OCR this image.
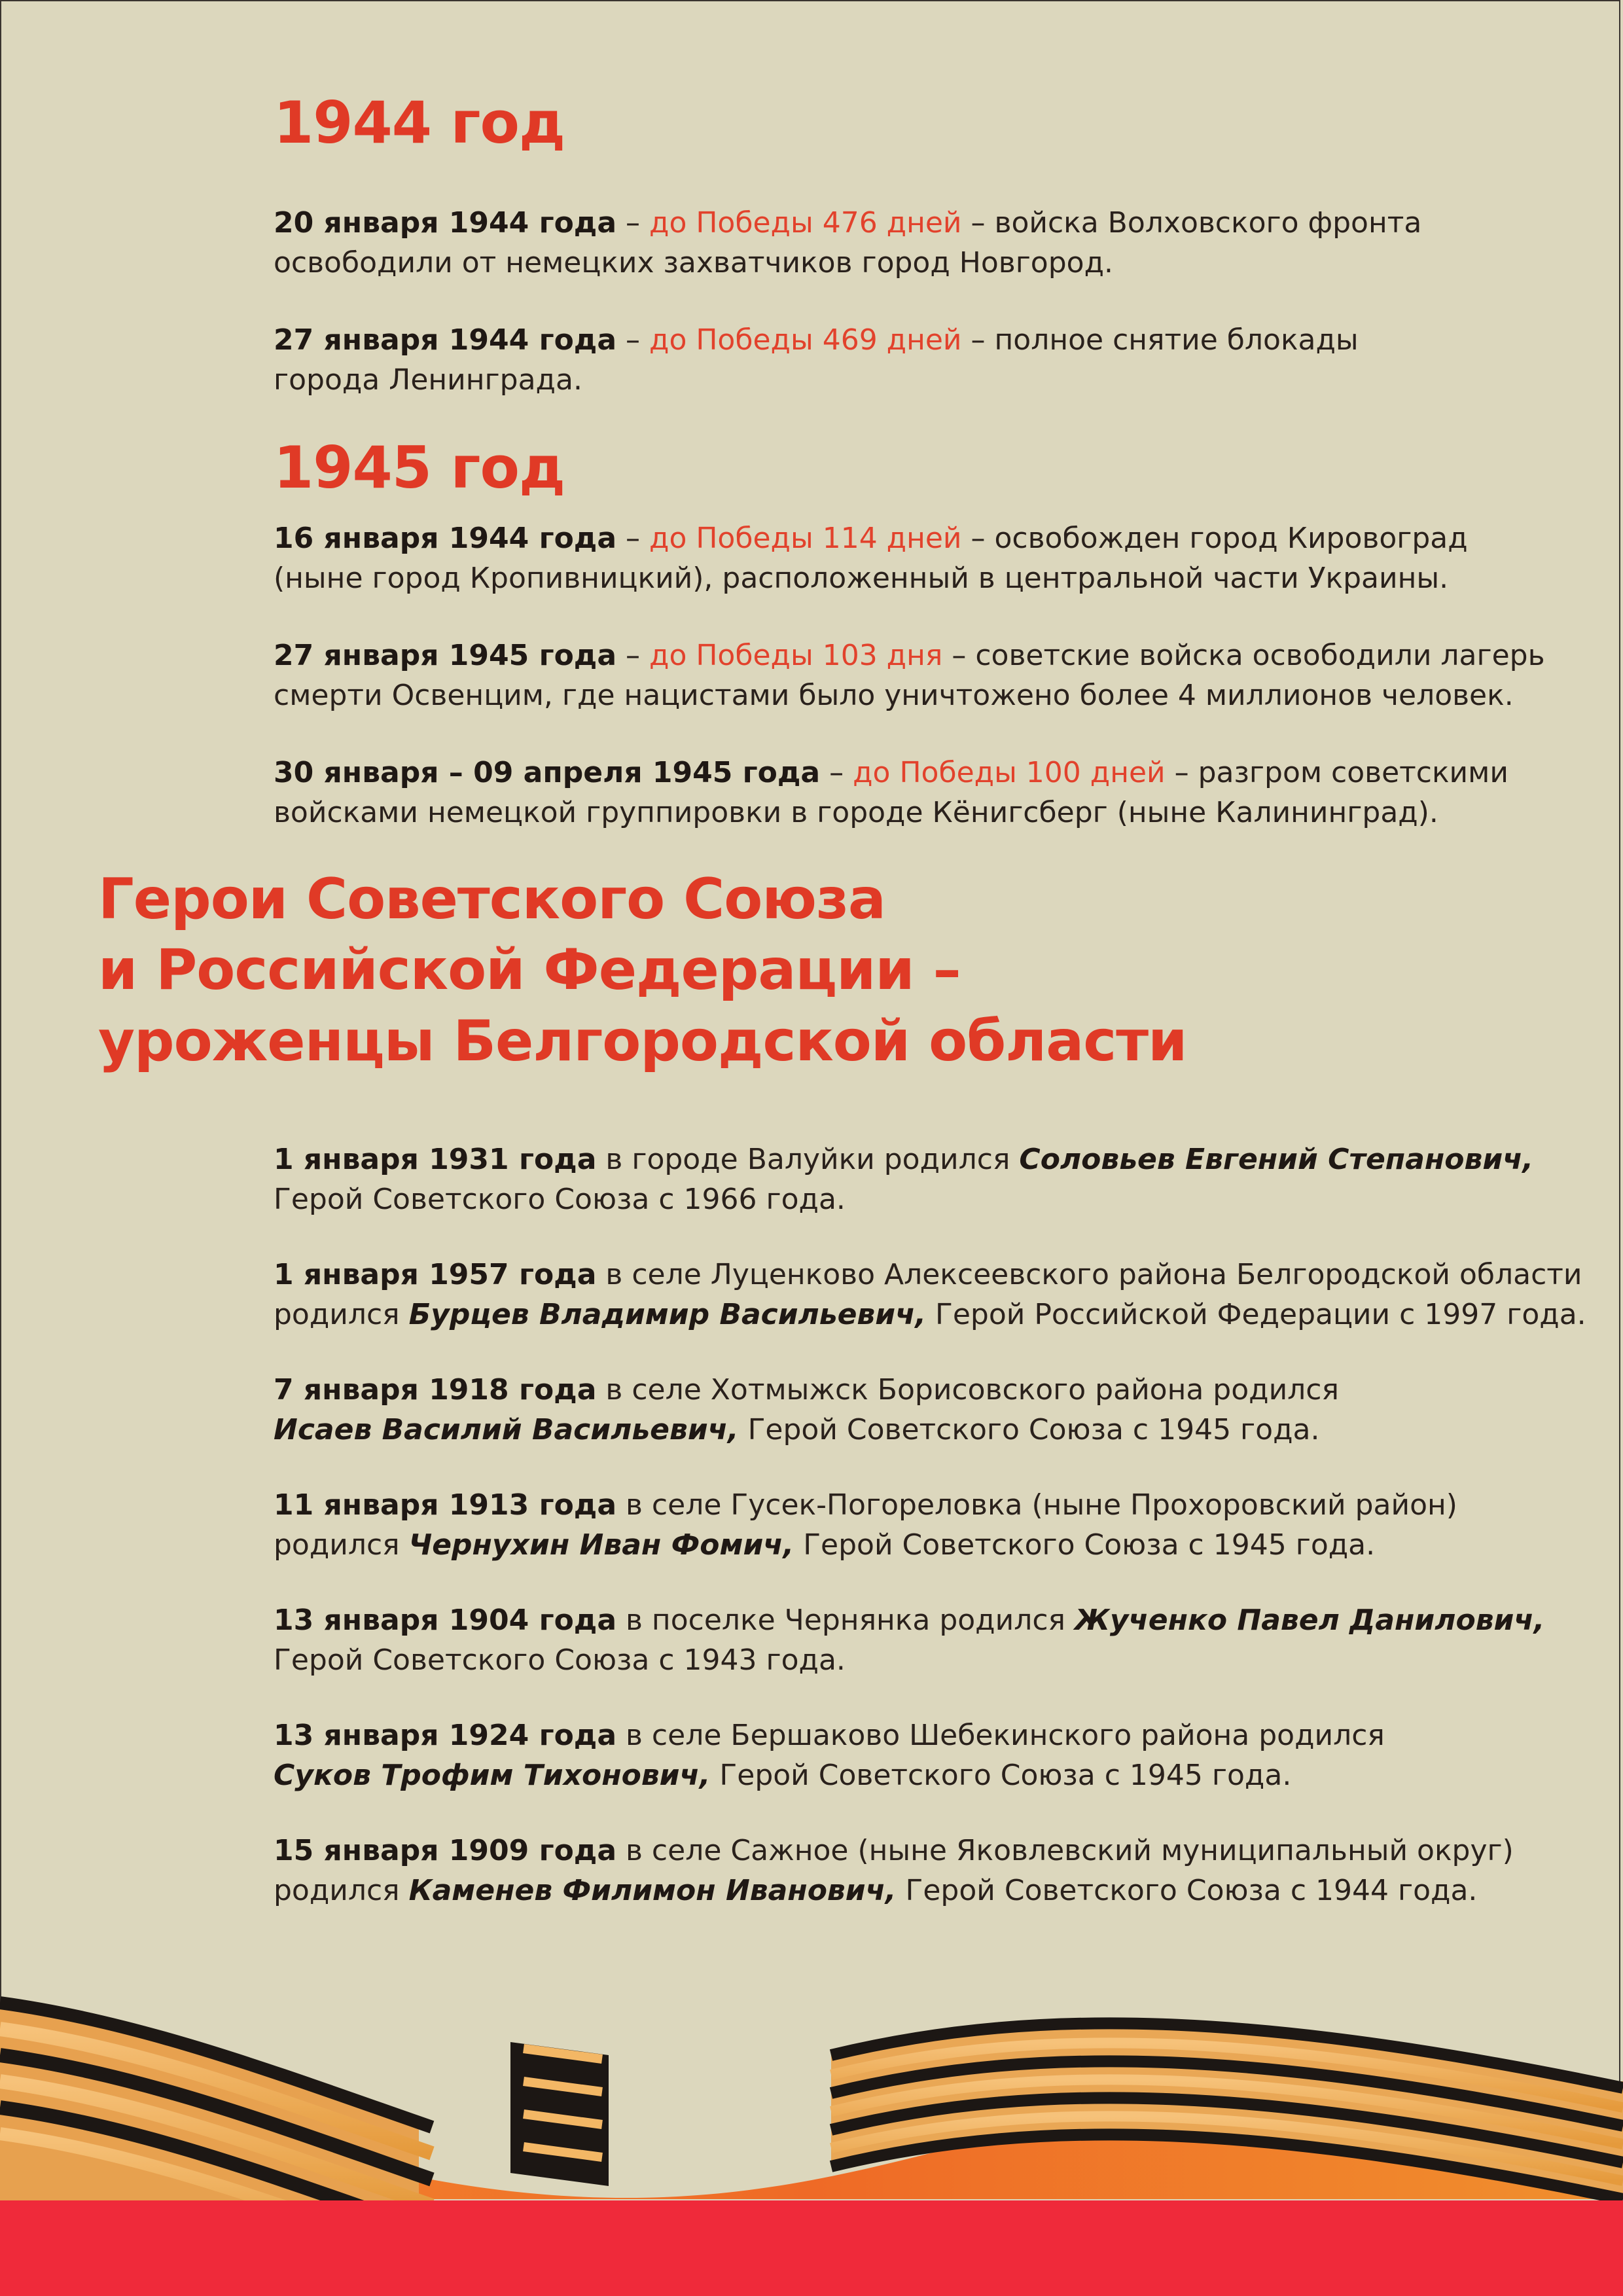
1944 год

20 января 1944 года – до Победы 476 дней – войска Волховского фронта
освободили от немецких захватчиков город Новгород.

27 января 1944 года – до Победы 469 дней – полное снятие блокады
города Ленинграда.

1945 год

16 января 1944 года – до Победы 114 дней – освобожден город Кировоград
(ныне город Кропивницкий), расположенный в центральной части Украины.

27 января 1945 года – до Победы 103 дня – советские войска освободили лагерь
смерти Освенцим, где нацистами было уничтожено более 4 миллионов человек.

30 января – 09 апреля 1945 года – до Победы 100 дней – разгром советскими
войсками немецкой группировки в городе Кёнигсберг (ныне Калининград).

Герои Советского Союза
и Российской Федерации –
уроженцы Белгородской области

1 января 1931 года в городе Валуйки родился Соловьев Евгений Степанович,
Герой Советского Союза с 1966 года.

1 января 1957 года в селе Луценково Алексеевского района Белгородской области
родился Бурцев Владимир Васильевич, Герой Российской Федерации с 1997 года.

7 января 1918 года в селе Хотмыжск Борисовского района родился
Исаев Василий Васильевич, Герой Советского Союза с 1945 года.

11 января 1913 года в селе Гусек-Погореловка (ныне Прохоровский район)
родился Чернухин Иван Фомич, Герой Советского Союза с 1945 года.

13 января 1904 года в поселке Чернянка родился Жученко Павел Данилович,
Герой Советского Союза с 1943 года.

13 января 1924 года в селе Бершаково Шебекинского района родился
Суков Трофим Тихонович, Герой Советского Союза с 1945 года.

15 января 1909 года в селе Сажное (ныне Яковлевский муниципальный округ)
родился Каменев Филимон Иванович, Герой Советского Союза с 1944 года.
